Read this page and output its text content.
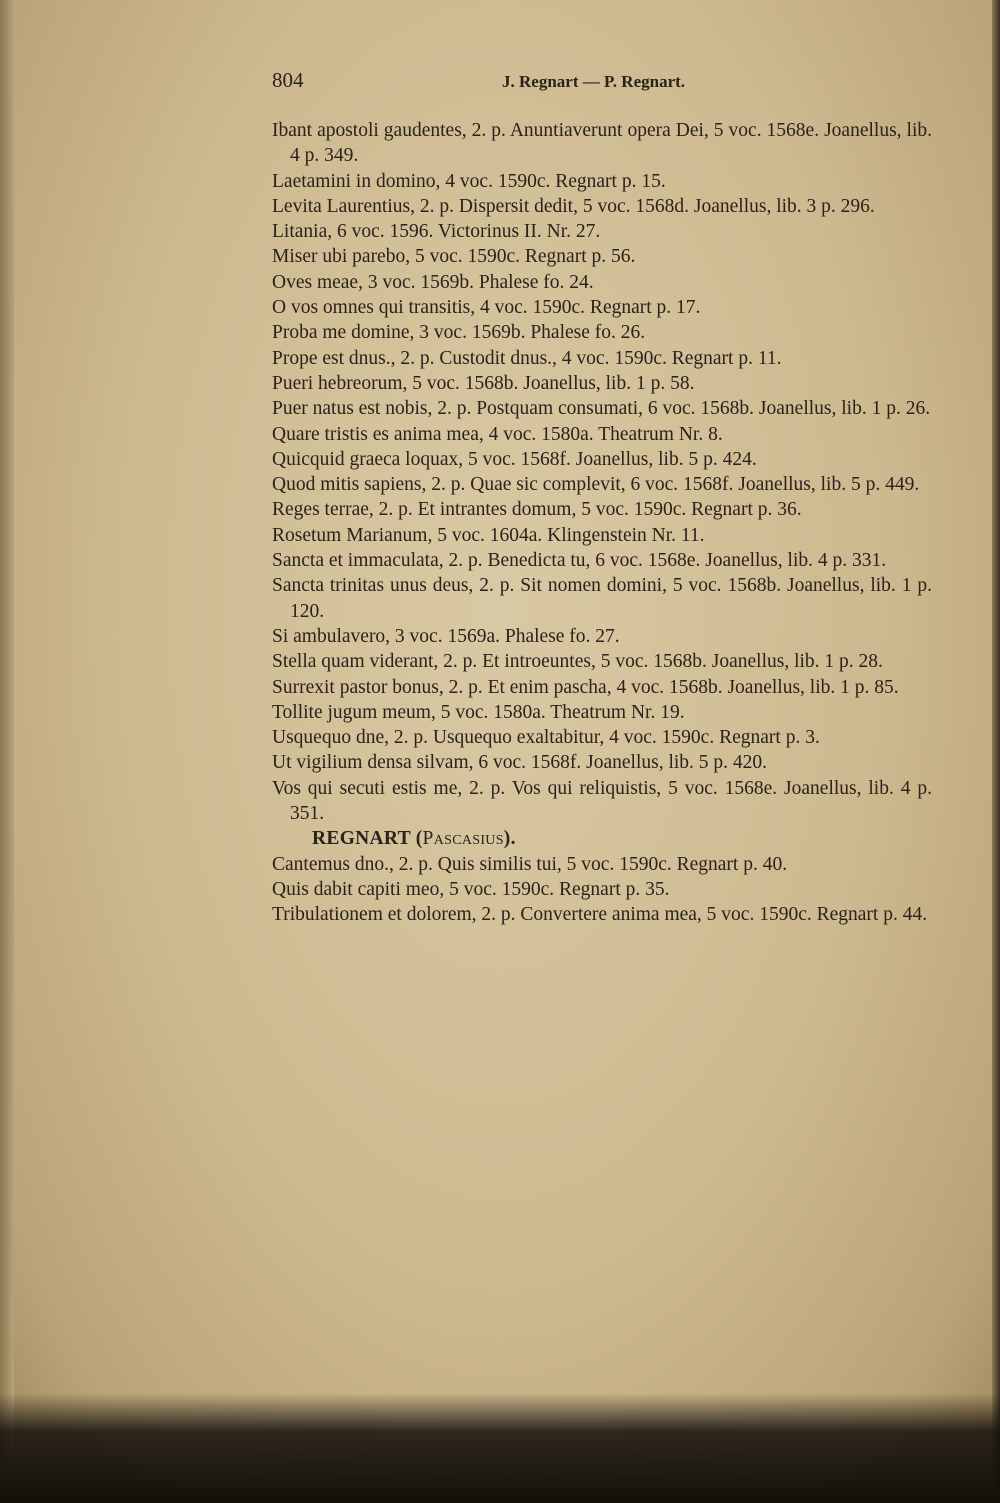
804	J. Regnart — P. Regnart.

Ibant apostoli gaudentes, 2. p. Anuntiaverunt opera Dei, 5 voc. 1568e. Joanellus, lib. 4 p. 349.

Laetamini in domino, 4 voc. 1590c. Regnart p. 15.

Levita Laurentius, 2. p. Dispersit dedit, 5 voc. 1568d. Joanellus, lib. 3 p. 296.

Litania, 6 voc. 1596. Victorinus II. Nr. 27.

Miser ubi parebo, 5 voc. 1590c. Regnart p. 56.

Oves meae, 3 voc. 1569b. Phalese fo. 24.

O vos omnes qui transitis, 4 voc. 1590c. Regnart p. 17.

Proba me domine, 3 voc. 1569b. Phalese fo. 26.

Prope est dnus., 2. p. Custodit dnus., 4 voc. 1590c. Regnart p. 11.

Pueri hebreorum, 5 voc. 1568b. Joanellus, lib. 1 p. 58.

Puer natus est nobis, 2. p. Postquam consumati, 6 voc. 1568b. Joanellus, lib. 1 p. 26.

Quare tristis es anima mea, 4 voc. 1580a. Theatrum Nr. 8.

Quicquid graeca loquax, 5 voc. 1568f. Joanellus, lib. 5 p. 424.

Quod mitis sapiens, 2. p. Quae sic complevit, 6 voc. 1568f. Joanellus, lib. 5 p. 449.

Reges terrae, 2. p. Et intrantes domum, 5 voc. 1590c. Regnart p. 36.

Rosetum Marianum, 5 voc. 1604a. Klingenstein Nr. 11.

Sancta et immaculata, 2. p. Benedicta tu, 6 voc. 1568e. Joanellus, lib. 4 p. 331.

Sancta trinitas unus deus, 2. p. Sit nomen domini, 5 voc. 1568b. Joanellus, lib. 1 p. 120.

Si ambulavero, 3 voc. 1569a. Phalese fo. 27.

Stella quam viderant, 2. p. Et introeuntes, 5 voc. 1568b. Joanellus, lib. 1 p. 28.

Surrexit pastor bonus, 2. p. Et enim pascha, 4 voc. 1568b. Joanellus, lib. 1 p. 85.

Tollite jugum meum, 5 voc. 1580a. Theatrum Nr. 19.

Usquequo dne, 2. p. Usquequo exaltabitur, 4 voc. 1590c. Regnart p. 3.

Ut vigilium densa silvam, 6 voc. 1568f. Joanellus, lib. 5 p. 420.

Vos qui secuti estis me, 2. p. Vos qui reliquistis, 5 voc. 1568e. Joanellus, lib. 4 p. 351.

REGNART (Pascasius).

Cantemus dno., 2. p. Quis similis tui, 5 voc. 1590c. Regnart p. 40.

Quis dabit capiti meo, 5 voc. 1590c. Regnart p. 35.

Tribulationem et dolorem, 2. p. Convertere anima mea, 5 voc. 1590c. Regnart p. 44.
